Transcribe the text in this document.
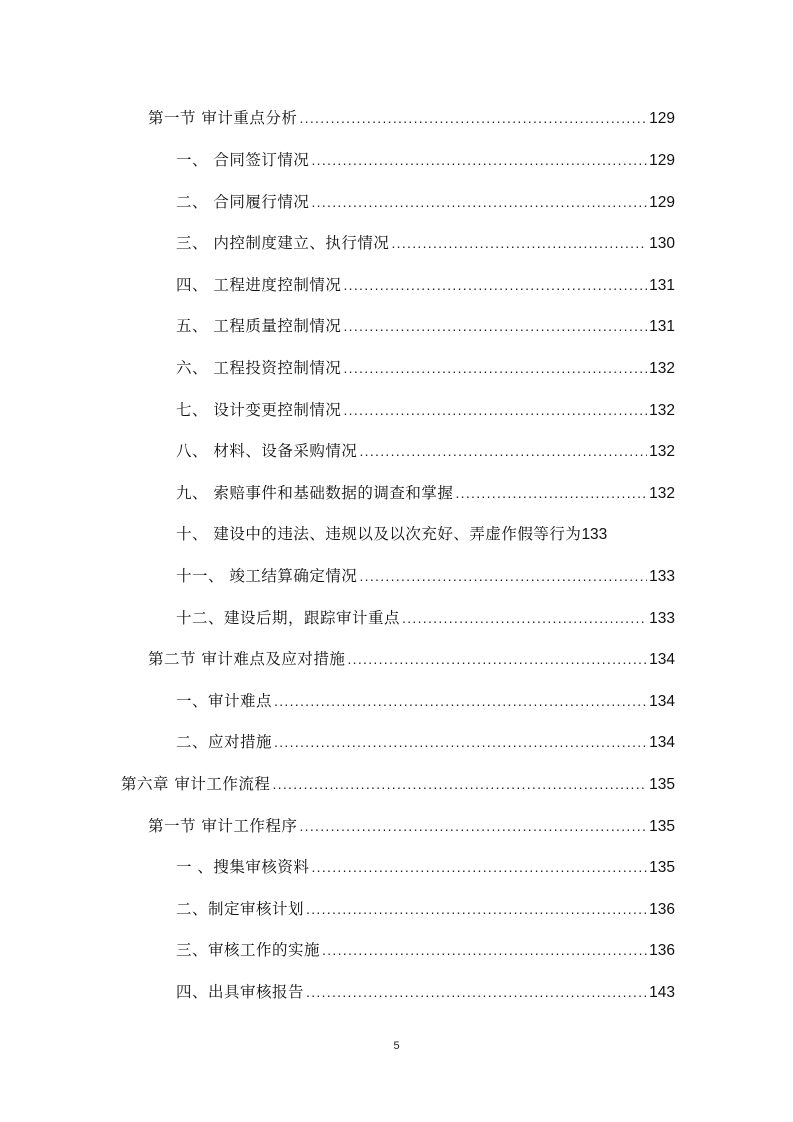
第一节 审计重点分析 .....	129
一、 合同签订情况 .....	129
二、 合同履行情况 .....	129
三、 内控制度建立、执行情况 .....	130
四、 工程进度控制情况 .....	131
五、 工程质量控制情况 .....	131
六、 工程投资控制情况 .....	132
七、 设计变更控制情况 .....	132
八、 材料、设备采购情况 .....	132
九、 索赔事件和基础数据的调查和掌握 .....	132
十、 建设中的违法、违规以及以次充好、弄虚作假等行为 133
十一、 竣工结算确定情况 .....	133
十二、建设后期，跟踪审计重点 .....	133
第二节 审计难点及应对措施 .....	134
一、审计难点 .....	134
二、应对措施 .....	134
第六章 审计工作流程 .....	135
第一节 审计工作程序 .....	135
一 、搜集审核资料 .....	135
二、制定审核计划 .....	136
三、审核工作的实施 .....	136
四、出具审核报告 .....	143
5
